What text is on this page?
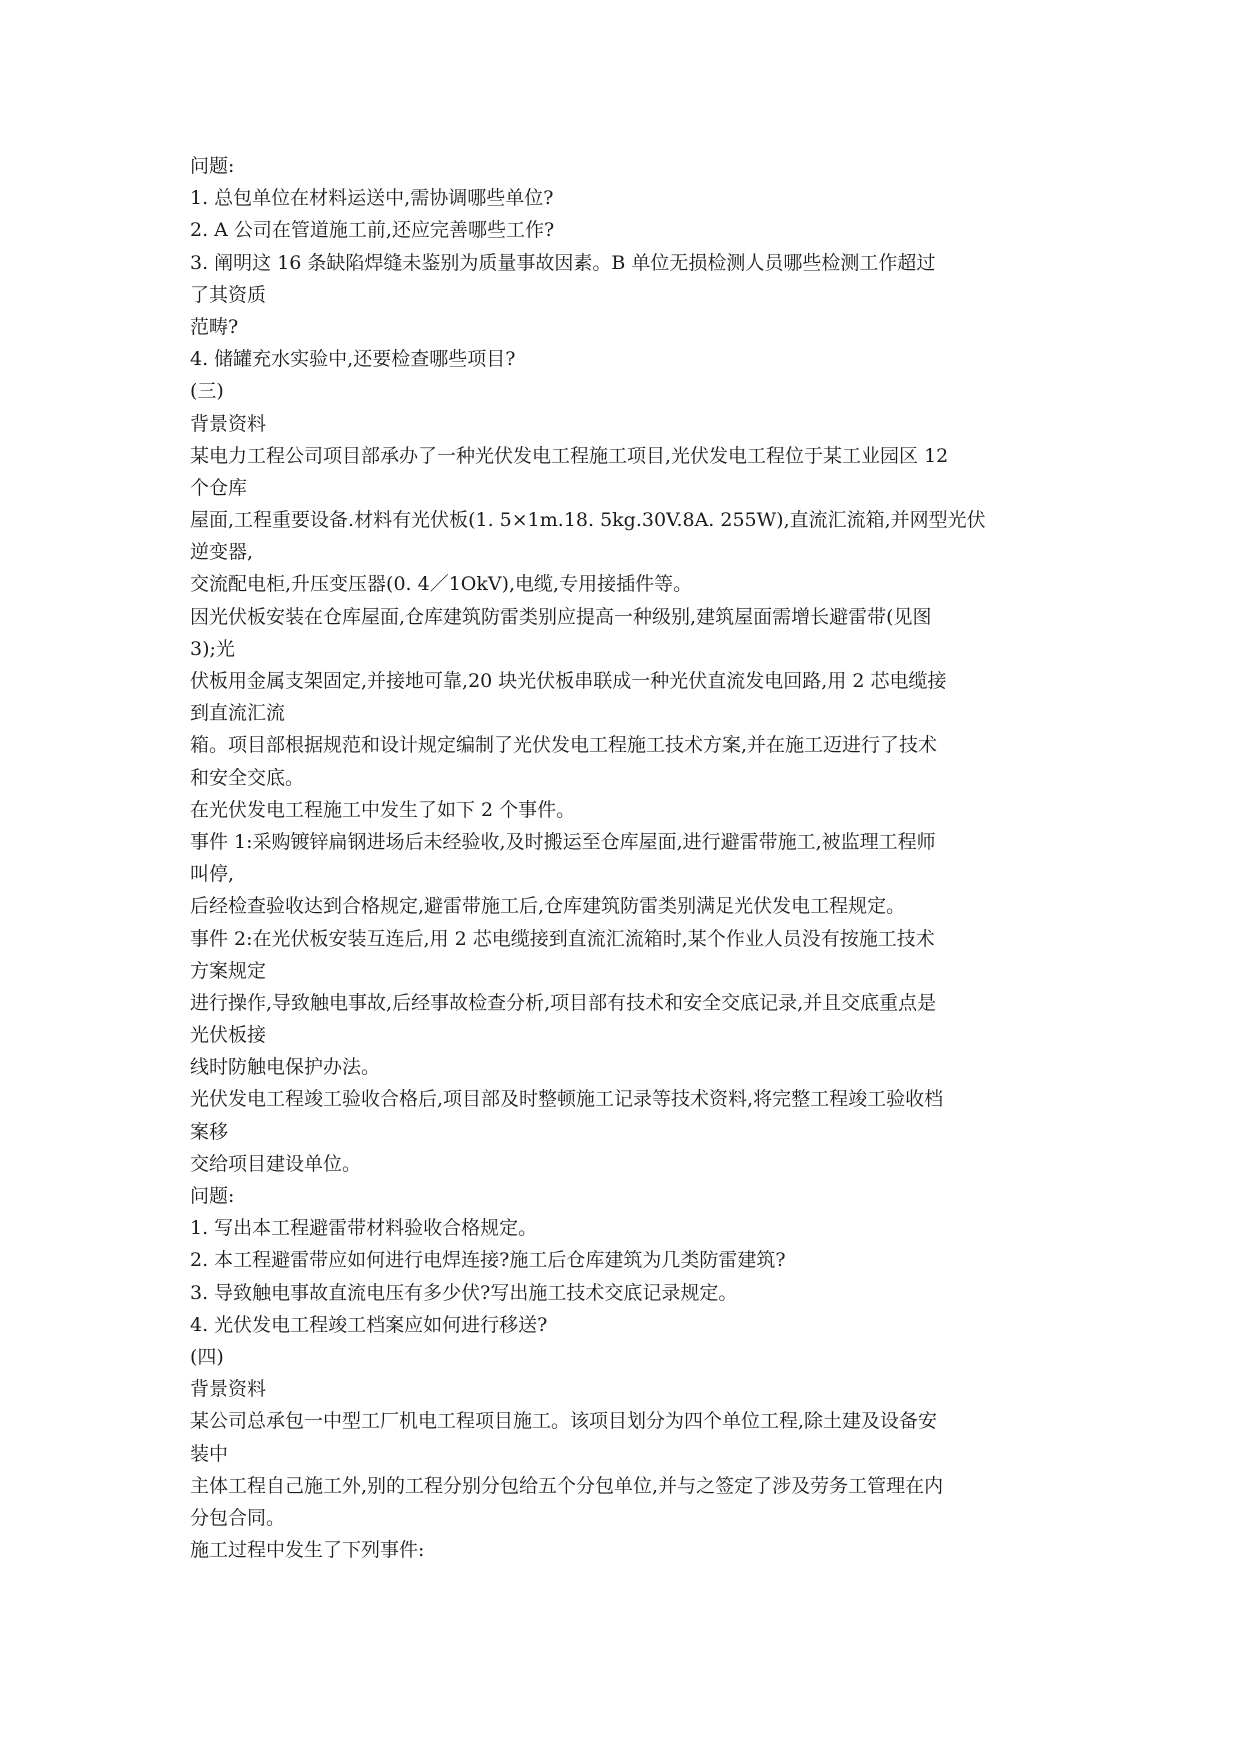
问题:
1. 总包单位在材料运送中,需协调哪些单位?
2. A 公司在管道施工前,还应完善哪些工作?
3. 阐明这 16 条缺陷焊缝未鉴别为质量事故因素。B 单位无损检测人员哪些检测工作超过
了其资质
范畴?
4. 储罐充水实验中,还要检查哪些项目?
(三)
背景资料
某电力工程公司项目部承办了一种光伏发电工程施工项目,光伏发电工程位于某工业园区 12
个仓库
屋面,工程重要设备.材料有光伏板(1. 5×1m.18. 5kg.30V.8A. 255W),直流汇流箱,并网型光伏
逆变器,
交流配电柜,升压变压器(0. 4／1OkV),电缆,专用接插件等。
因光伏板安装在仓库屋面,仓库建筑防雷类别应提高一种级别,建筑屋面需增长避雷带(见图
3);光
伏板用金属支架固定,并接地可靠,20 块光伏板串联成一种光伏直流发电回路,用 2 芯电缆接
到直流汇流
箱。项目部根据规范和设计规定编制了光伏发电工程施工技术方案,并在施工迈进行了技术
和安全交底。
在光伏发电工程施工中发生了如下 2 个事件。
事件 1:采购镀锌扁钢进场后未经验收,及时搬运至仓库屋面,进行避雷带施工,被监理工程师
叫停,
后经检查验收达到合格规定,避雷带施工后,仓库建筑防雷类别满足光伏发电工程规定。
事件 2:在光伏板安装互连后,用 2 芯电缆接到直流汇流箱时,某个作业人员没有按施工技术
方案规定
进行操作,导致触电事故,后经事故检查分析,项目部有技术和安全交底记录,并且交底重点是
光伏板接
线时防触电保护办法。
光伏发电工程竣工验收合格后,项目部及时整顿施工记录等技术资料,将完整工程竣工验收档
案移
交给项目建设单位。
问题:
1. 写出本工程避雷带材料验收合格规定。
2. 本工程避雷带应如何进行电焊连接?施工后仓库建筑为几类防雷建筑?
3. 导致触电事故直流电压有多少伏?写出施工技术交底记录规定。
4. 光伏发电工程竣工档案应如何进行移送?
(四)
背景资料
某公司总承包一中型工厂机电工程项目施工。该项目划分为四个单位工程,除土建及设备安
装中
主体工程自己施工外,别的工程分别分包给五个分包单位,并与之签定了涉及劳务工管理在内
分包合同。
施工过程中发生了下列事件:
